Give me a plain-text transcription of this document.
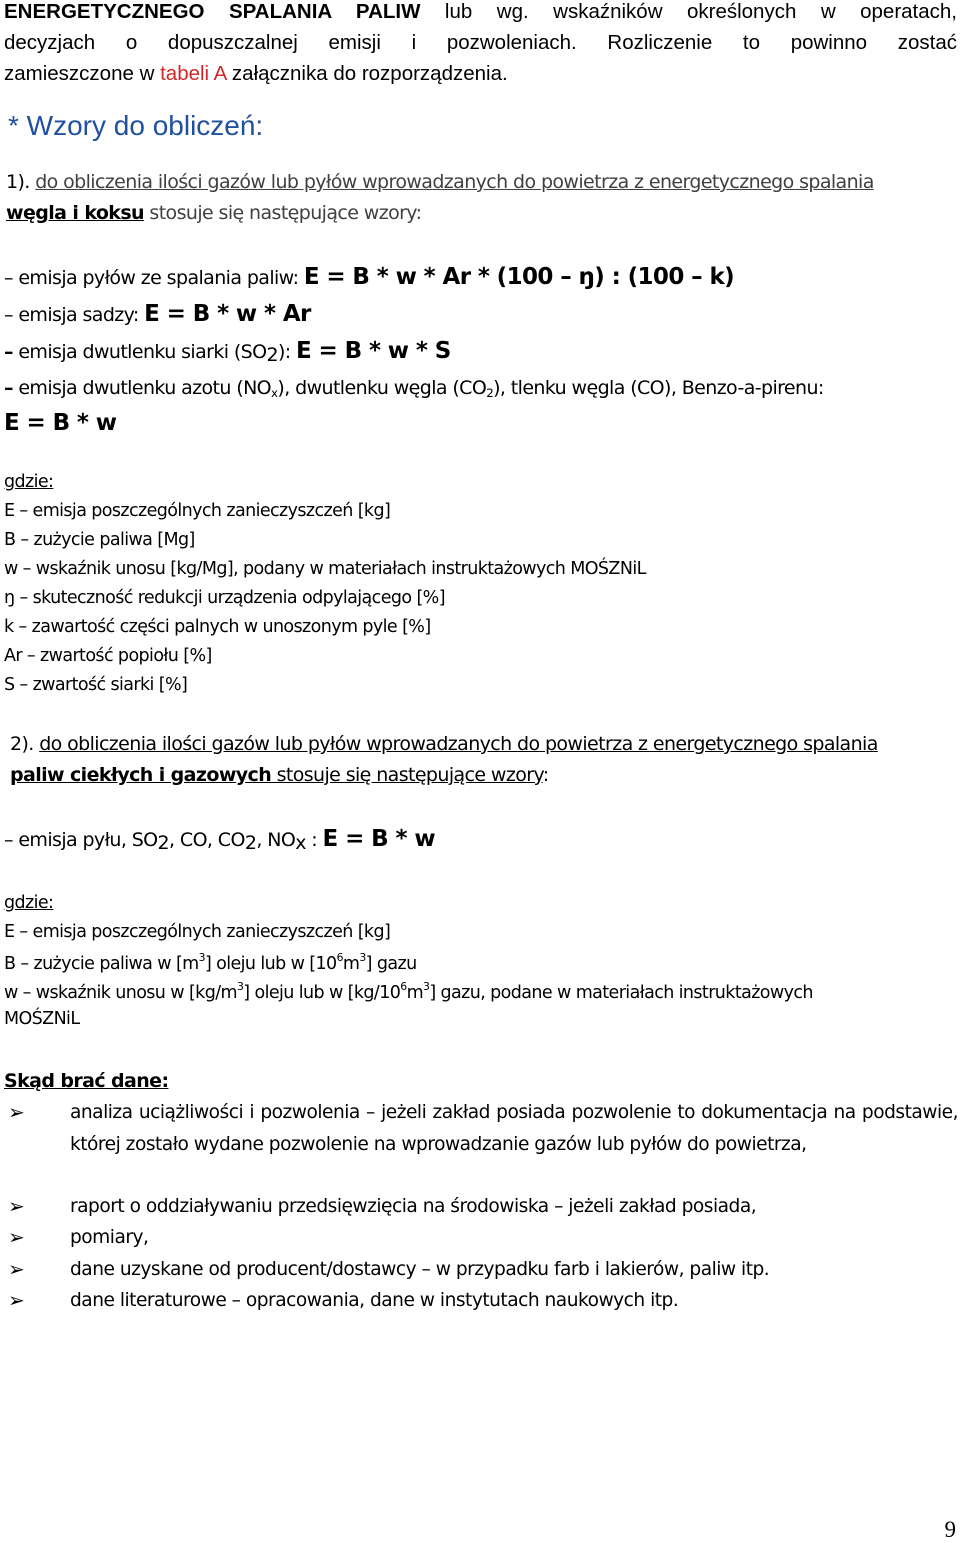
ENERGETYCZNEGO SPALANIA PALIW lub wg. wskaźników określonych w operatach,
decyzjach o dopuszczalnej emisji i pozwoleniach. Rozliczenie to powinno zostać
zamieszczone w tabeli A załącznika do rozporządzenia.
* Wzory do obliczeń:
1). do obliczenia ilości gazów lub pyłów wprowadzanych do powietrza z energetycznego spalania
węgla i koksu stosuje się następujące wzory:
– emisja pyłów ze spalania paliw: E = B * w * Ar * (100 – ŋ) : (100 – k)
– emisja sadzy: E = B * w * Ar
– emisja dwutlenku siarki $(SO_2)$: E = B * w * S
– emisja dwutlenku azotu $(NO_x)$, dwutlenku węgla $(CO_2)$, tlenku węgla (CO), Benzo-a-pirenu:
E = B * w
gdzie:
E – emisja poszczególnych zanieczyszczeń [kg]
B – zużycie paliwa [Mg]
w – wskaźnik unosu [kg/Mg], podany w materiałach instruktażowych MOŚZNiL
ŋ – skuteczność redukcji urządzenia odpylającego [%]
k – zawartość części palnych w unoszonym pyle [%]
Ar – zwartość popiołu [%]
S – zwartość siarki [%]
2). do obliczenia ilości gazów lub pyłów wprowadzanych do powietrza z energetycznego spalania
paliw ciekłych i gazowych stosuje się następujące wzory:
– emisja pyłu, $SO_2$, CO, $CO_2$, $NO_x$ : E = B * w
gdzie:
E – emisja poszczególnych zanieczyszczeń [kg]
B – zużycie paliwa w $[m^3]$ oleju lub w $[10^6m^3]$ gazu
w – wskaźnik unosu w $[kg/m^3]$ oleju lub w $[kg/10^6m^3]$ gazu, podane w materiałach instruktażowych
MOŚZNiL
Skąd brać dane:
➢ analiza uciążliwości i pozwolenia – jeżeli zakład posiada pozwolenie to dokumentacja na podstawie, której zostało wydane pozwolenie na wprowadzanie gazów lub pyłów do powietrza,
➢ raport o oddziaływaniu przedsięwzięcia na środowiska – jeżeli zakład posiada,
➢ pomiary,
➢ dane uzyskane od producent/dostawcy – w przypadku farb i lakierów, paliw itp.
➢ dane literaturowe – opracowania, dane w instytutach naukowych itp.
9
